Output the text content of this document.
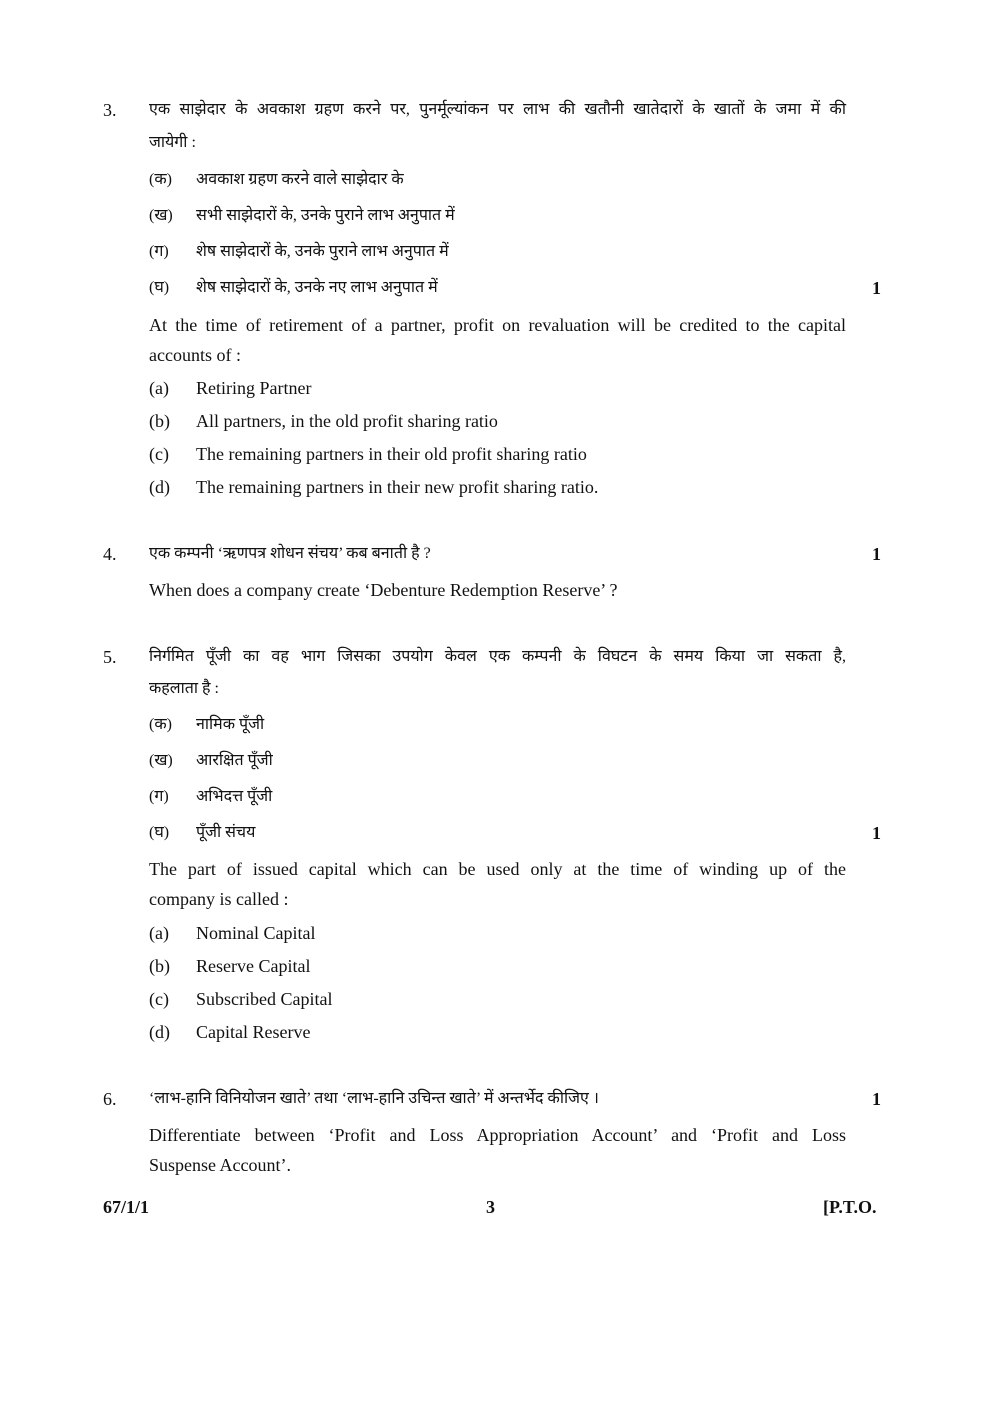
3. एक साझेदार के अवकाश ग्रहण करने पर, पुनर्मूल्यांकन पर लाभ की खतौनी खातेदारों के खातों के जमा में की
जायेगी :
(क) अवकाश ग्रहण करने वाले साझेदार के
(ख) सभी साझेदारों के, उनके पुराने लाभ अनुपात में
(ग) शेष साझेदारों के, उनके पुराने लाभ अनुपात में
(घ) शेष साझेदारों के, उनके नए लाभ अनुपात में	1
At the time of retirement of a partner, profit on revaluation will be credited to the capital
accounts of :
(a) Retiring Partner
(b) All partners, in the old profit sharing ratio
(c) The remaining partners in their old profit sharing ratio
(d) The remaining partners in their new profit sharing ratio.
4. एक कम्पनी ‘ऋणपत्र शोधन संचय’ कब बनाती है ?	1
When does a company create ‘Debenture Redemption Reserve’ ?
5. निर्गमित पूँजी का वह भाग जिसका उपयोग केवल एक कम्पनी के विघटन के समय किया जा सकता है,
कहलाता है :
(क) नामिक पूँजी
(ख) आरक्षित पूँजी
(ग) अभिदत्त पूँजी
(घ) पूँजी संचय	1
The part of issued capital which can be used only at the time of winding up of the
company is called :
(a) Nominal Capital
(b) Reserve Capital
(c) Subscribed Capital
(d) Capital Reserve
6. ‘लाभ-हानि विनियोजन खाते’ तथा ‘लाभ-हानि उचिन्त खाते’ में अन्तर्भेद कीजिए ।	1
Differentiate between ‘Profit and Loss Appropriation Account’ and ‘Profit and Loss
Suspense Account’.
67/1/1	3	[P.T.O.
